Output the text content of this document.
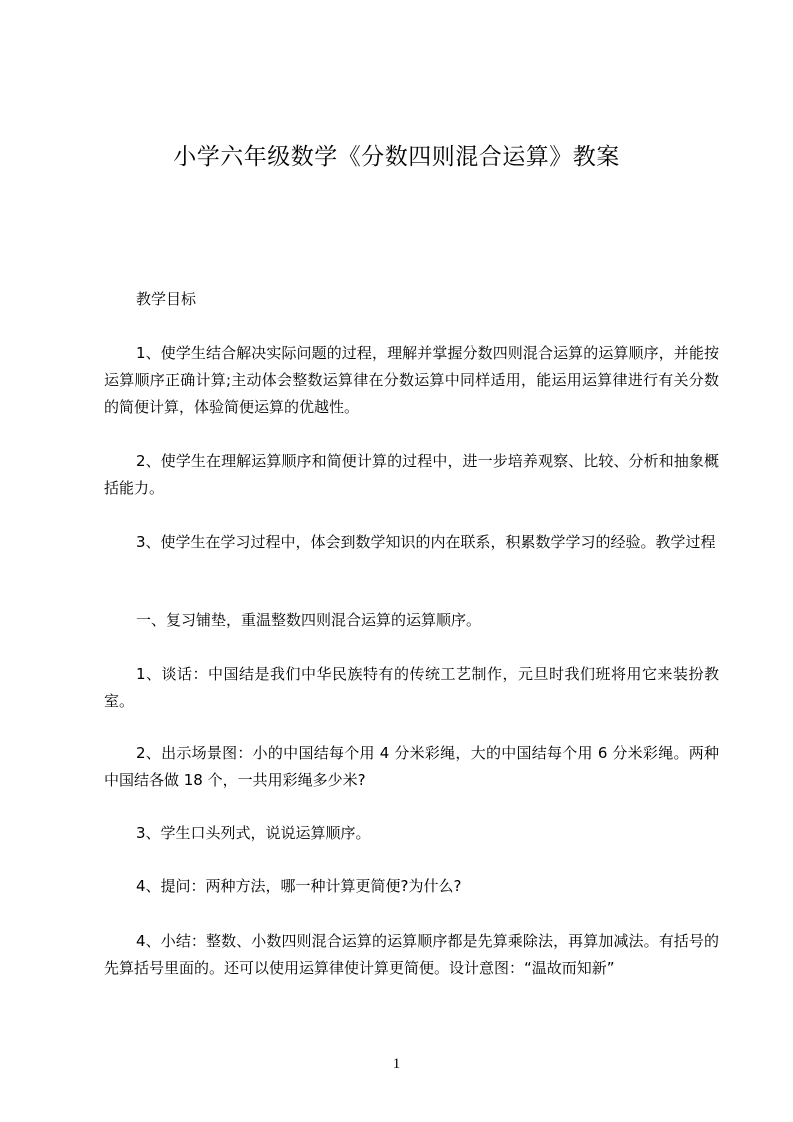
小学六年级数学《分数四则混合运算》教案

教学目标

1、使学生结合解决实际问题的过程，理解并掌握分数四则混合运算的运算顺序，并能按运算顺序正确计算;主动体会整数运算律在分数运算中同样适用，能运用运算律进行有关分数的简便计算，体验简便运算的优越性。

2、使学生在理解运算顺序和简便计算的过程中，进一步培养观察、比较、分析和抽象概括能力。

3、使学生在学习过程中，体会到数学知识的内在联系，积累数学学习的经验。教学过程

一、复习铺垫，重温整数四则混合运算的运算顺序。

1、谈话：中国结是我们中华民族特有的传统工艺制作，元旦时我们班将用它来装扮教室。

2、出示场景图：小的中国结每个用 4 分米彩绳，大的中国结每个用 6 分米彩绳。两种中国结各做 18 个，一共用彩绳多少米?

3、学生口头列式，说说运算顺序。

4、提问：两种方法，哪一种计算更简便?为什么?

4、小结：整数、小数四则混合运算的运算顺序都是先算乘除法，再算加减法。有括号的先算括号里面的。还可以使用运算律使计算更简便。设计意图：“温故而知新”

1
